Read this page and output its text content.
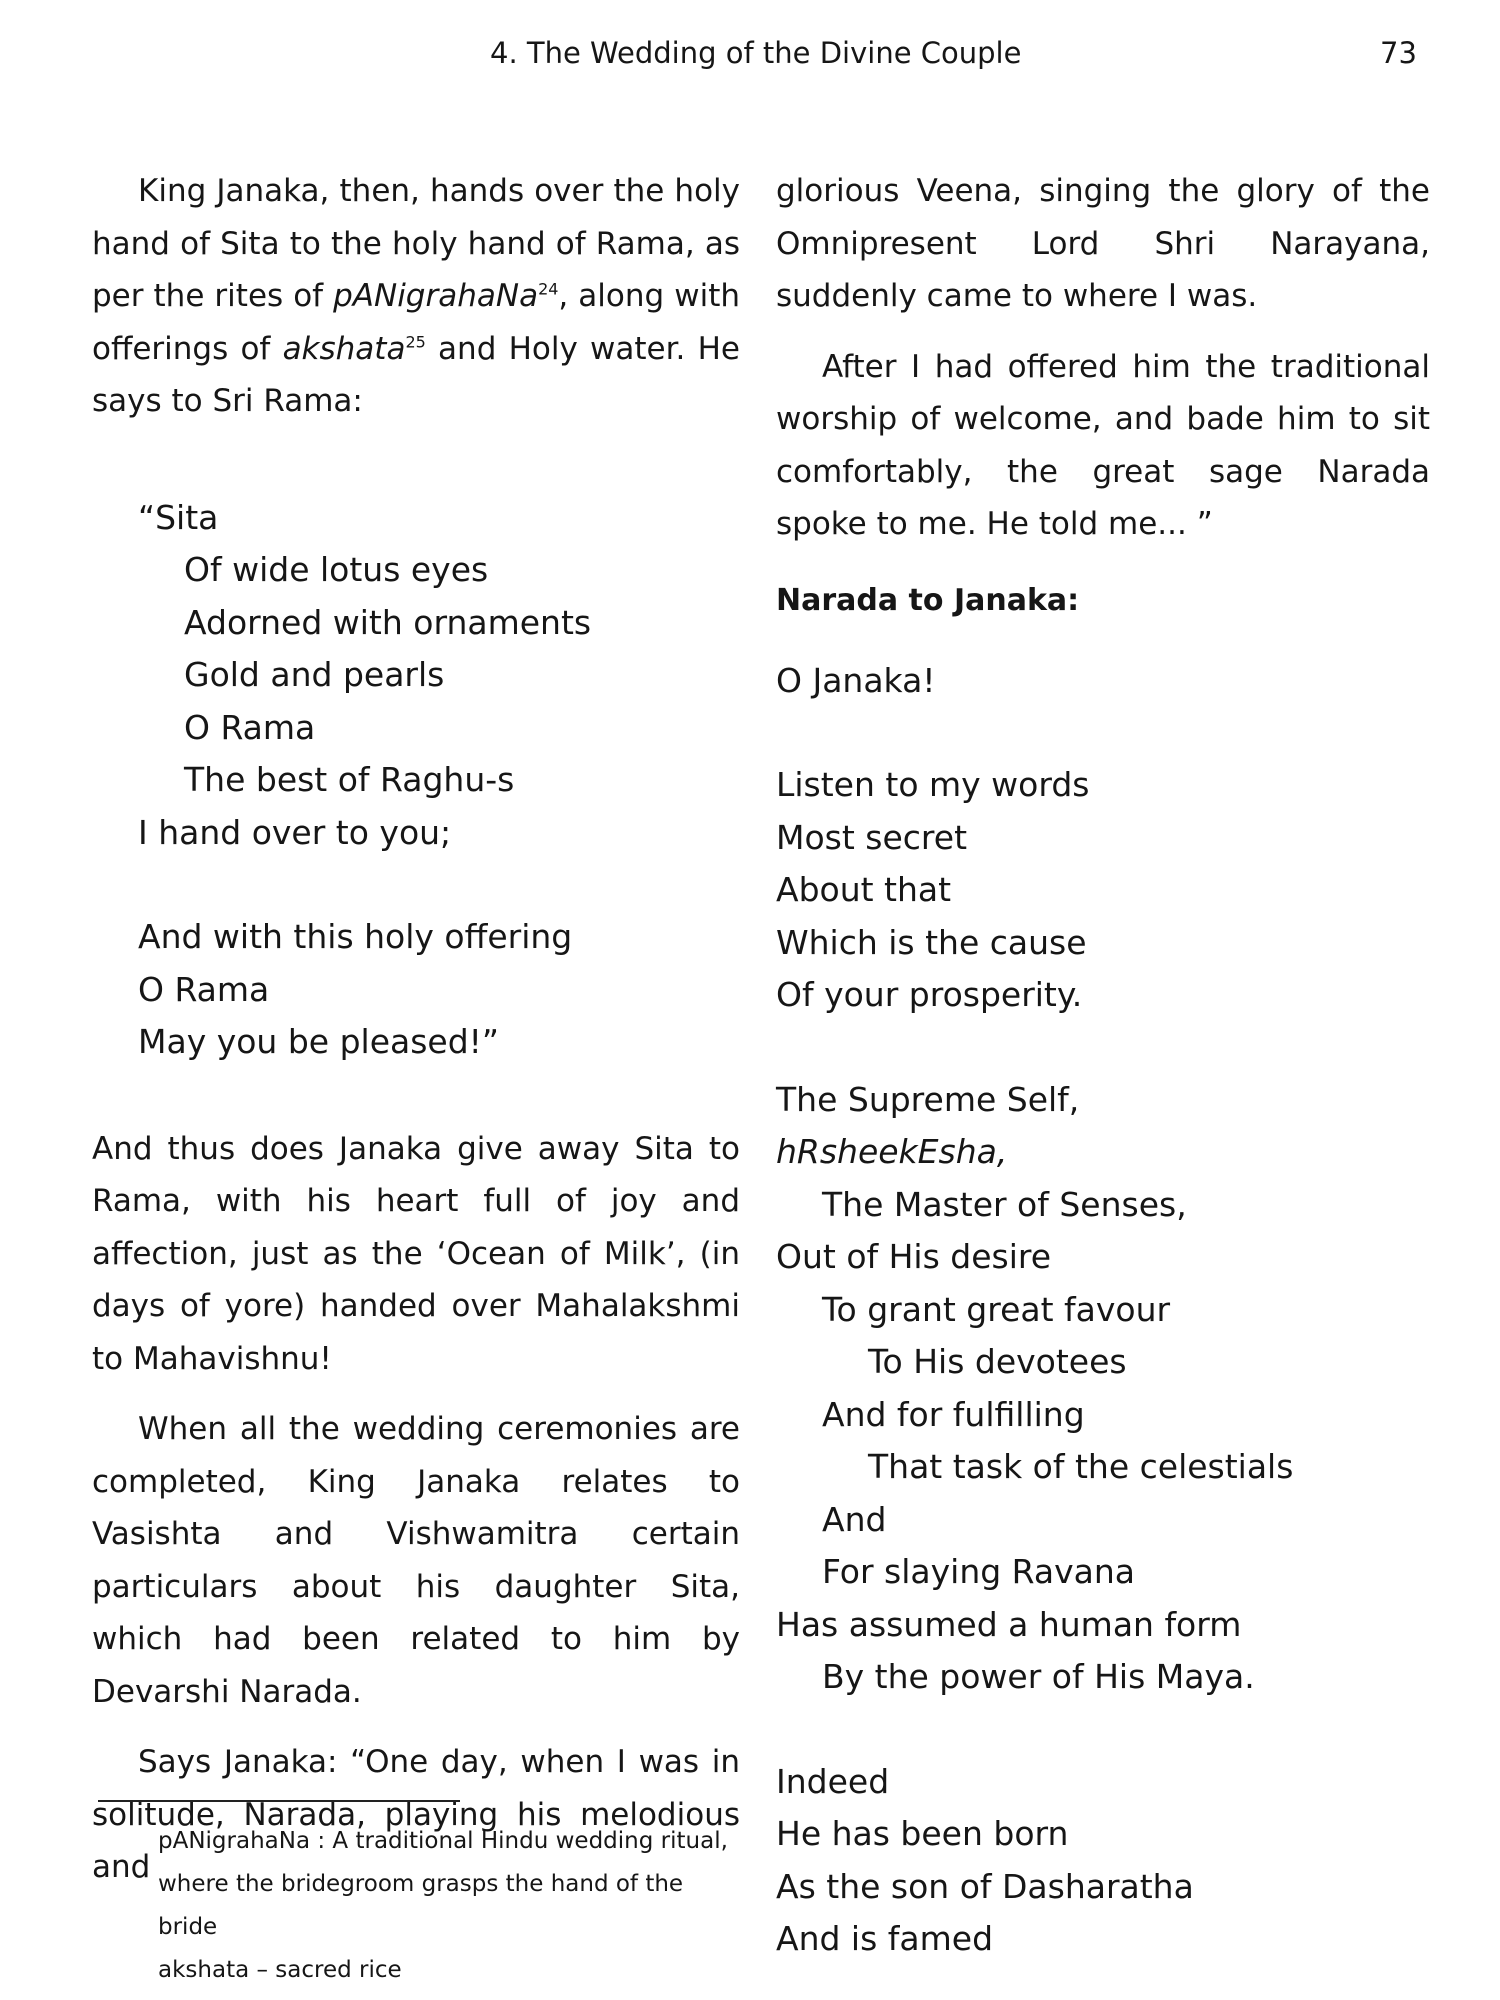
4. The Wedding of the Divine Couple	73

King Janaka, then, hands over the holy hand of Sita to the holy hand of Rama, as per the rites of pANigrahaNa$^{24}$, along with offerings of akshata$^{25}$ and Holy water. He says to Sri Rama:

“Sita
Of wide lotus eyes
Adorned with ornaments
Gold and pearls
O Rama
The best of Raghu-s
I hand over to you;
And with this holy offering
O Rama
May you be pleased!”

And thus does Janaka give away Sita to Rama, with his heart full of joy and affection, just as the ‘Ocean of Milk’, (in days of yore) handed over Mahalakshmi to Mahavishnu!

When all the wedding ceremonies are completed, King Janaka relates to Vasishta and Vishwamitra certain particulars about his daughter Sita, which had been related to him by Devarshi Narada.

Says Janaka: “One day, when I was in solitude, Narada, playing his melodious and

glorious Veena, singing the glory of the Omnipresent Lord Shri Narayana, suddenly came to where I was.

After I had offered him the traditional worship of welcome, and bade him to sit comfortably, the great sage Narada spoke to me. He told me... ”

Narada to Janaka:

O Janaka!
Listen to my words
Most secret
About that
Which is the cause
Of your prosperity.
The Supreme Self,
hRsheekEsha,
The Master of Senses,
Out of His desire
To grant great favour
To His devotees
And for fulfilling
That task of the celestials
And
For slaying Ravana
Has assumed a human form
By the power of His Maya.
Indeed
He has been born
As the son of Dasharatha
And is famed
pANigrahaNa : A traditional Hindu wedding ritual, where the bridegroom grasps the hand of the bride
akshata – sacred rice
